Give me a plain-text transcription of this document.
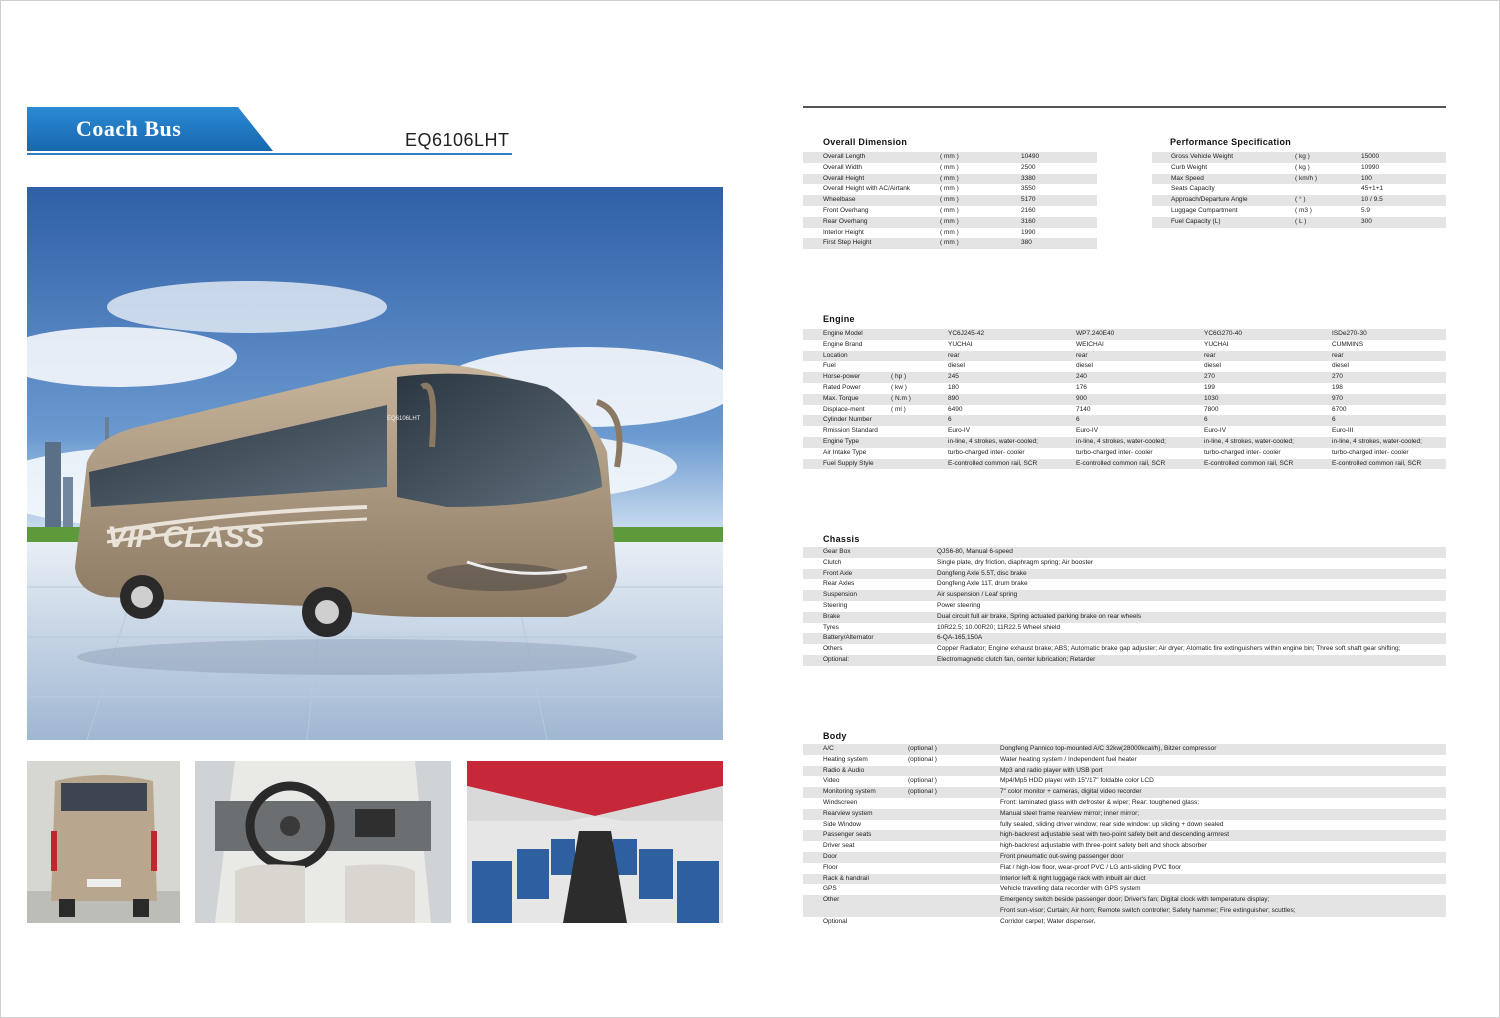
Coach Bus	EQ6106LHT
VIP CLASS
EQ6106LHT
Overall Dimension
Overall Length	( mm )	10490
Overall Width	( mm )	2500
Overall Height	( mm )	3380
Overall Height with AC/Airtank	( mm )	3550
Wheelbase	( mm )	5170
Front Overhang	( mm )	2160
Rear Overhang	( mm )	3160
Interior Height	( mm )	1990
First Step Height	( mm )	380
Performance Specification
Gross Vehicle Weight	( kg )	15000
Curb Weight	( kg )	10990
Max Speed	( km/h )	100
Seats Capacity	45+1+1
Approach/Departure Angle	( ° )	10 / 9.5
Luggage Compartment	( m3 )	5.9
Fuel Capacity (L)	( L )	300
Engine
Engine Model	YC6J245-42	WP7.240E40	YC6G270-40	ISDe270-30
Engine Brand	YUCHAI	WEICHAI	YUCHAI	CUMMINS
Location	rear	rear	rear	rear
Fuel	diesel	diesel	diesel	diesel
Horse-power	( hp )	245	240	270	270
Rated Power	( kw )	180	176	199	198
Max. Torque	( N.m )	890	900	1030	970
Displace-ment	( ml )	6490	7140	7800	6700
Cylinder Number	6	6	6	6
Rmission Standard	Euro-IV	Euro-IV	Euro-IV	Euro-III
Engine Type	in-line, 4 strokes, water-cooled;	in-line, 4 strokes, water-cooled;	in-line, 4 strokes, water-cooled;	in-line, 4 strokes, water-cooled;
Air Intake Type	turbo-charged inter- cooler	turbo-charged inter- cooler	turbo-charged inter- cooler	turbo-charged inter- cooler
Fuel Supply Style	E-controlled common rail, SCR	E-controlled common rail, SCR	E-controlled common rail, SCR	E-controlled common rail, SCR
Chassis
Gear Box	QJS6-80, Manual 6-speed
Clutch	Single plate, dry friction, diaphragm spring; Air booster
Front Axle	Dongfeng Axle 5.5T, disc brake
Rear Axles	Dongfeng Axle 11T, drum brake
Suspension	Air suspension / Leaf spring
Steering	Power steering
Brake	Dual circuit full air brake, Spring actuated parking brake on rear wheels
Tyres	10R22.5; 10.00R20; 11R22.5 Wheel shield
Battery/Alternator	6-QA-165,150A
Others	Copper Radiator; Engine exhaust brake; ABS; Automatic brake gap adjuster; Air dryer; Atomatic fire extinguishers within engine bin; Three soft shaft gear shifting;
Optional:	Electromagnetic clutch fan, center lubrication; Retarder
Body
A/C	(optional )	Dongfeng Pannico top-mounted A/C 32kw(28000kcal/h), Bitzer compressor
Heating system	(optional )	Water heating system / Independent fuel heater
Radio & Audio	Mp3 and radio player with USB port
Video	(optional )	Mp4/Mp5 HDD player with 15"/17" foldable color LCD
Monitoring system	(optional )	7" color monitor + cameras, digital video recorder
Windscreen	Front: laminated glass with defroster & wiper; Rear: toughened glass;
Rearview system	Manual steel frame rearview mirror; inner mirror;
Side Window	fully sealed, sliding driver window; rear side window: up sliding + down sealed
Passenger seats	high-backrest adjustable seat with two-point safety belt and descending armrest
Driver seat	high-backrest adjustable with three-point safety belt and shock absorber
Door	Front pneumatic out-swing passenger door
Floor	Flat / high-low floor, wear-proof PVC / LG anti-sliding PVC floor
Rack & handrail	Interior left & right luggage rack with inbuilt air duct
GPS	Vehicle travelling data recorder with GPS system
Other	Emergency switch beside passenger door; Driver's fan; Digital clock with temperature display;
Front sun-visor; Curtain; Air horn; Remote switch controller; Safety hammer; Fire extinguisher; scuttles;
Optional	Corridor carpet; Water dispenser,
